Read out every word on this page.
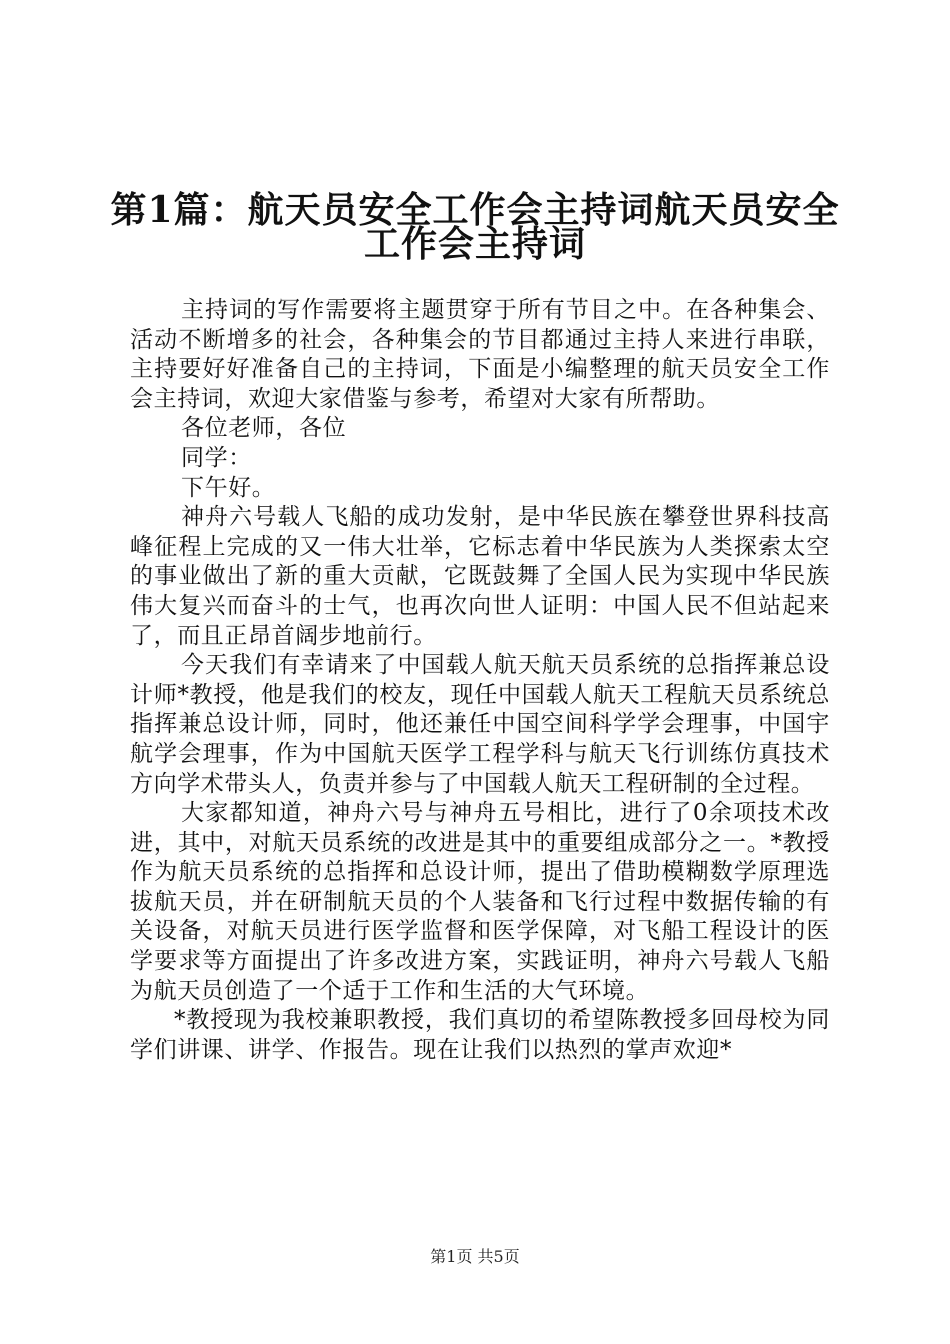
第1篇：航天员安全工作会主持词航天员安全
工作会主持词

主持词的写作需要将主题贯穿于所有节目之中。在各种集会、活动不断增多的社会，各种集会的节目都通过主持人来进行串联，主持要好好准备自己的主持词，下面是小编整理的航天员安全工作会主持词，欢迎大家借鉴与参考，希望对大家有所帮助。

各位老师，各位

同学：

下午好。

神舟六号载人飞船的成功发射，是中华民族在攀登世界科技高峰征程上完成的又一伟大壮举，它标志着中华民族为人类探索太空的事业做出了新的重大贡献，它既鼓舞了全国人民为实现中华民族伟大复兴而奋斗的士气，也再次向世人证明：中国人民不但站起来了，而且正昂首阔步地前行。

今天我们有幸请来了中国载人航天航天员系统的总指挥兼总设计师*教授，他是我们的校友，现任中国载人航天工程航天员系统总指挥兼总设计师，同时，他还兼任中国空间科学学会理事，中国宇航学会理事，作为中国航天医学工程学科与航天飞行训练仿真技术方向学术带头人，负责并参与了中国载人航天工程研制的全过程。

大家都知道，神舟六号与神舟五号相比，进行了0余项技术改进，其中，对航天员系统的改进是其中的重要组成部分之一。*教授作为航天员系统的总指挥和总设计师，提出了借助模糊数学原理选拔航天员，并在研制航天员的个人装备和飞行过程中数据传输的有关设备，对航天员进行医学监督和医学保障，对飞船工程设计的医学要求等方面提出了许多改进方案，实践证明，神舟六号载人飞船为航天员创造了一个适于工作和生活的大气环境。

*教授现为我校兼职教授，我们真切的希望陈教授多回母校为同学们讲课、讲学、作报告。现在让我们以热烈的掌声欢迎*

第1页 共5页
